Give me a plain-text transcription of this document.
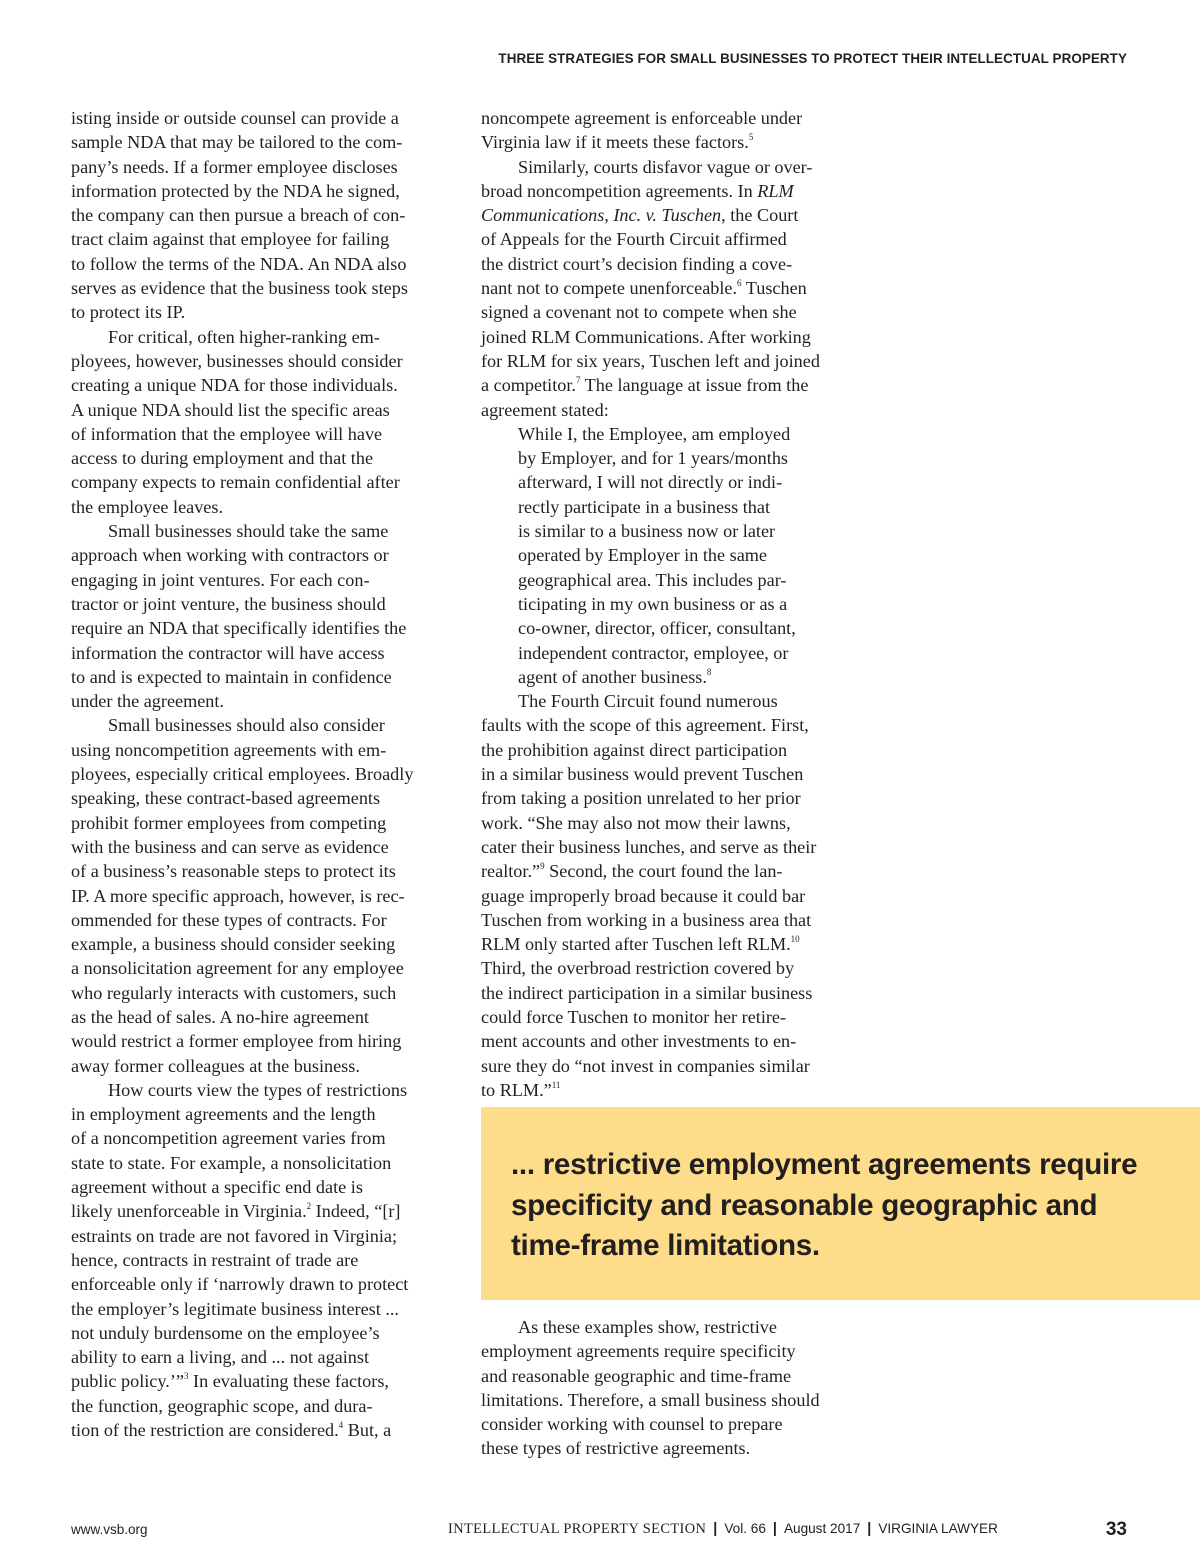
THREE STRATEGIES FOR SMALL BUSINESSES TO PROTECT THEIR INTELLECTUAL PROPERTY

isting inside or outside counsel can provide a
sample NDA that may be tailored to the com-
pany’s needs. If a former employee discloses
information protected by the NDA he signed,
the company can then pursue a breach of con-
tract claim against that employee for failing
to follow the terms of the NDA. An NDA also
serves as evidence that the business took steps
to protect its IP.

For critical, often higher-ranking em-
ployees, however, businesses should consider
creating a unique NDA for those individuals.
A unique NDA should list the specific areas
of information that the employee will have
access to during employment and that the
company expects to remain confidential after
the employee leaves.

Small businesses should take the same
approach when working with contractors or
engaging in joint ventures. For each con-
tractor or joint venture, the business should
require an NDA that specifically identifies the
information the contractor will have access
to and is expected to maintain in confidence
under the agreement.

Small businesses should also consider
using noncompetition agreements with em-
ployees, especially critical employees. Broadly
speaking, these contract-based agreements
prohibit former employees from competing
with the business and can serve as evidence
of a business’s reasonable steps to protect its
IP. A more specific approach, however, is rec-
ommended for these types of contracts. For
example, a business should consider seeking
a nonsolicitation agreement for any employee
who regularly interacts with customers, such
as the head of sales. A no-hire agreement
would restrict a former employee from hiring
away former colleagues at the business.

How courts view the types of restrictions
in employment agreements and the length
of a noncompetition agreement varies from
state to state. For example, a nonsolicitation
agreement without a specific end date is
likely unenforceable in Virginia.$^2$ Indeed, “[r]
estraints on trade are not favored in Virginia;
hence, contracts in restraint of trade are
enforceable only if ‘narrowly drawn to protect
the employer’s legitimate business interest ...
not unduly burdensome on the employee’s
ability to earn a living, and ... not against
public policy.’”$^3$ In evaluating these factors,
the function, geographic scope, and dura-
tion of the restriction are considered.$^4$ But, a

noncompete agreement is enforceable under
Virginia law if it meets these factors.$^5$

Similarly, courts disfavor vague or over-
broad noncompetition agreements. In RLM
Communications, Inc. v. Tuschen, the Court
of Appeals for the Fourth Circuit affirmed
the district court’s decision finding a cove-
nant not to compete unenforceable.$^6$ Tuschen
signed a covenant not to compete when she
joined RLM Communications. After working
for RLM for six years, Tuschen left and joined
a competitor.$^7$ The language at issue from the
agreement stated:

While I, the Employee, am employed
by Employer, and for 1 years/months
afterward, I will not directly or indi-
rectly participate in a business that
is similar to a business now or later
operated by Employer in the same
geographical area. This includes par-
ticipating in my own business or as a
co-owner, director, officer, consultant,
independent contractor, employee, or
agent of another business.$^8$

The Fourth Circuit found numerous
faults with the scope of this agreement. First,
the prohibition against direct participation
in a similar business would prevent Tuschen
from taking a position unrelated to her prior
work. “She may also not mow their lawns,
cater their business lunches, and serve as their
realtor.”$^9$ Second, the court found the lan-
guage improperly broad because it could bar
Tuschen from working in a business area that
RLM only started after Tuschen left RLM.$^{10}$
Third, the overbroad restriction covered by
the indirect participation in a similar business
could force Tuschen to monitor her retire-
ment accounts and other investments to en-
sure they do “not invest in companies similar
to RLM.”$^{11}$

... restrictive employment agreements require
specificity and reasonable geographic and
time-frame limitations.

As these examples show, restrictive
employment agreements require specificity
and reasonable geographic and time-frame
limitations. Therefore, a small business should
consider working with counsel to prepare
these types of restrictive agreements.

www.vsb.org	INTELLECTUAL PROPERTY SECTION | Vol. 66 | August 2017 | VIRGINIA LAWYER	33
